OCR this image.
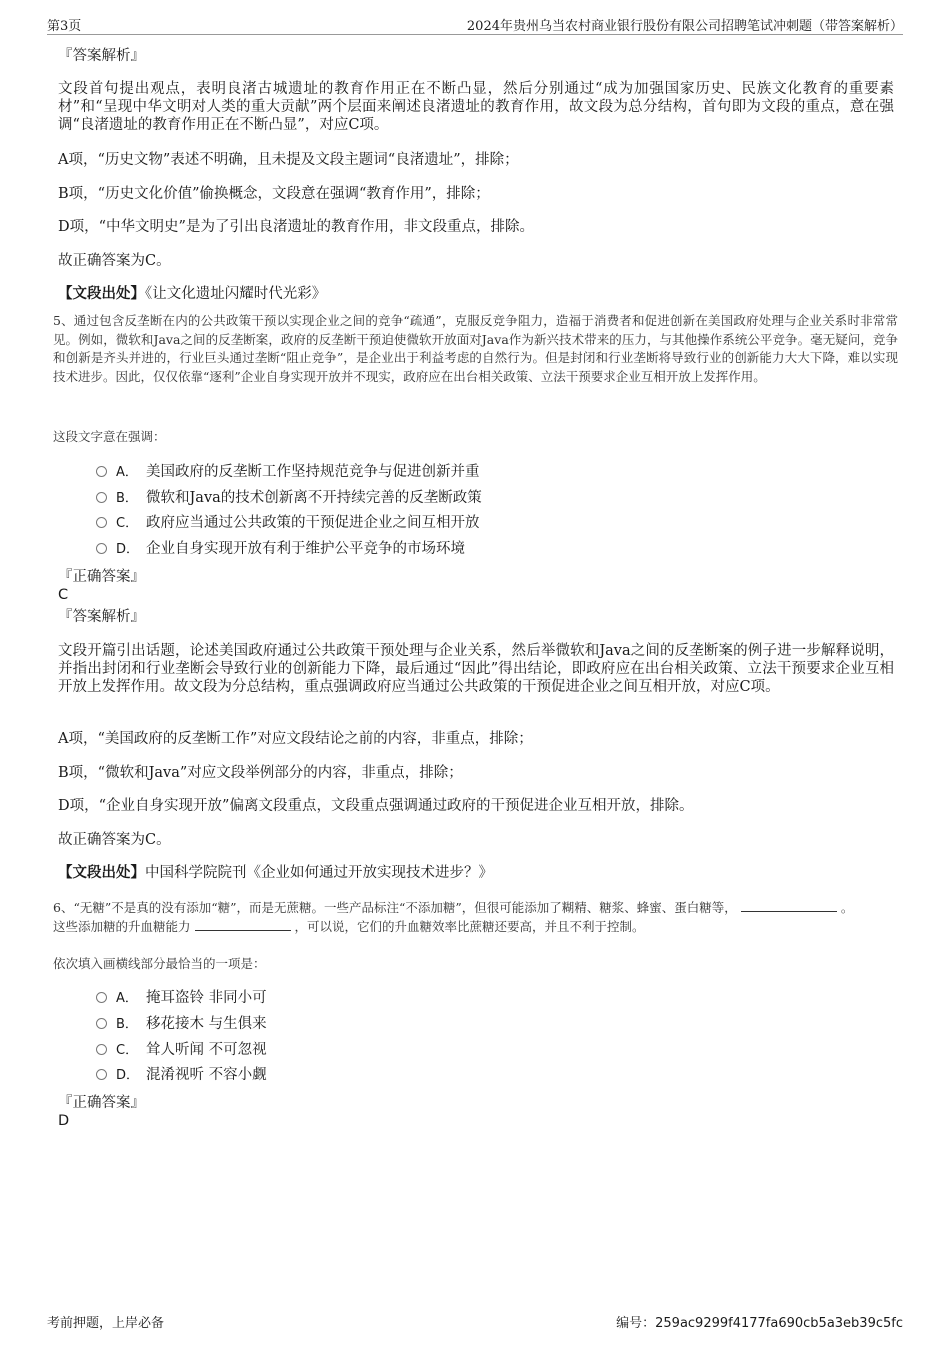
第3页	2024年贵州乌当农村商业银行股份有限公司招聘笔试冲刺题（带答案解析）
『答案解析』
文段首句提出观点，表明良渚古城遗址的教育作用正在不断凸显，然后分别通过“成为加强国家历史、民族文化教育的重要素材”和“呈现中华文明对人类的重大贡献”两个层面来阐述良渚遗址的教育作用，故文段为总分结构，首句即为文段的重点，意在强调“良渚遗址的教育作用正在不断凸显”，对应C项。
A项，“历史文物”表述不明确，且未提及文段主题词“良渚遗址”，排除；
B项，“历史文化价值”偷换概念，文段意在强调“教育作用”，排除；
D项，“中华文明史”是为了引出良渚遗址的教育作用，非文段重点，排除。
故正确答案为C。
【文段出处】《让文化遗址闪耀时代光彩》
5、通过包含反垄断在内的公共政策干预以实现企业之间的竞争“疏通”，克服反竞争阻力，造福于消费者和促进创新在美国政府处理与企业关系时非常常见。例如，微软和Java之间的反垄断案，政府的反垄断干预迫使微软开放面对Java作为新兴技术带来的压力，与其他操作系统公平竞争。毫无疑问，竞争和创新是齐头并进的，行业巨头通过垄断“阻止竞争”，是企业出于利益考虑的自然行为。但是封闭和行业垄断将导致行业的创新能力大大下降，难以实现技术进步。因此，仅仅依靠“逐利”企业自身实现开放并不现实，政府应在出台相关政策、立法干预要求企业互相开放上发挥作用。
这段文字意在强调：
A． 美国政府的反垄断工作坚持规范竞争与促进创新并重
B． 微软和Java的技术创新离不开持续完善的反垄断政策
C． 政府应当通过公共政策的干预促进企业之间互相开放
D． 企业自身实现开放有利于维护公平竞争的市场环境
『正确答案』
C
『答案解析』
文段开篇引出话题，论述美国政府通过公共政策干预处理与企业关系，然后举微软和Java之间的反垄断案的例子进一步解释说明，并指出封闭和行业垄断会导致行业的创新能力下降，最后通过“因此”得出结论，即政府应在出台相关政策、立法干预要求企业互相开放上发挥作用。故文段为分总结构，重点强调政府应当通过公共政策的干预促进企业之间互相开放，对应C项。
A项，“美国政府的反垄断工作”对应文段结论之前的内容，非重点，排除；
B项，“微软和Java”对应文段举例部分的内容，非重点，排除；
D项，“企业自身实现开放”偏离文段重点，文段重点强调通过政府的干预促进企业互相开放，排除。
故正确答案为C。
【文段出处】中国科学院院刊《企业如何通过开放实现技术进步？》
6、“无糖”不是真的没有添加“糖”，而是无蔗糖。一些产品标注“不添加糖”，但很可能添加了糊精、糖浆、蜂蜜、蛋白糖等，	。
这些添加糖的升血糖能力	，可以说，它们的升血糖效率比蔗糖还要高，并且不利于控制。
依次填入画横线部分最恰当的一项是：
A． 掩耳盗铃 非同小可
B． 移花接木 与生俱来
C． 耸人听闻 不可忽视
D． 混淆视听 不容小觑
『正确答案』
D
考前押题，上岸必备	编号：259ac9299f4177fa690cb5a3eb39c5fc
